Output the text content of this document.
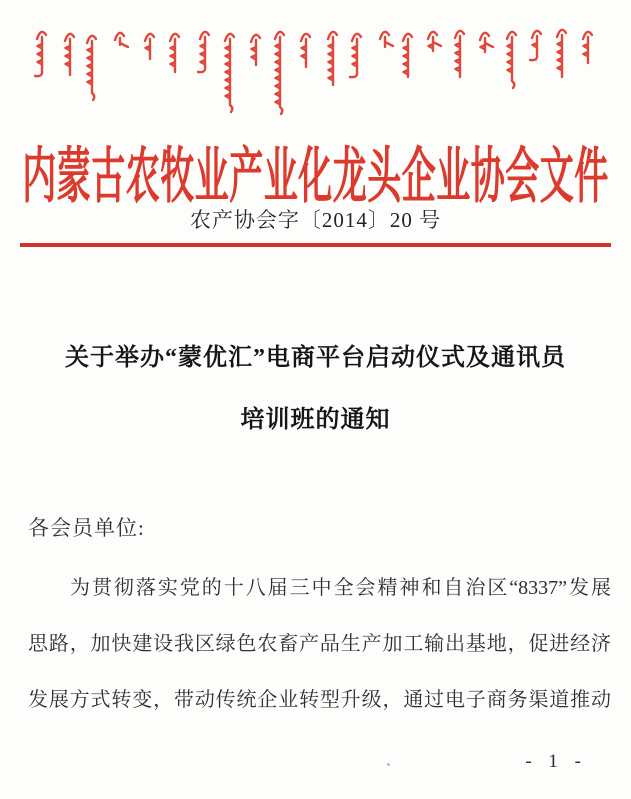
内蒙古农牧业产业化龙头企业协会文件
农产协会字〔2014〕20 号
关于举办“蒙优汇”电商平台启动仪式及通讯员
培训班的通知
各会员单位:
为贯彻落实党的十八届三中全会精神和自治区“8337”发展
思路，加快建设我区绿色农畜产品生产加工输出基地，促进经济
发展方式转变，带动传统企业转型升级，通过电子商务渠道推动
- 1 -
